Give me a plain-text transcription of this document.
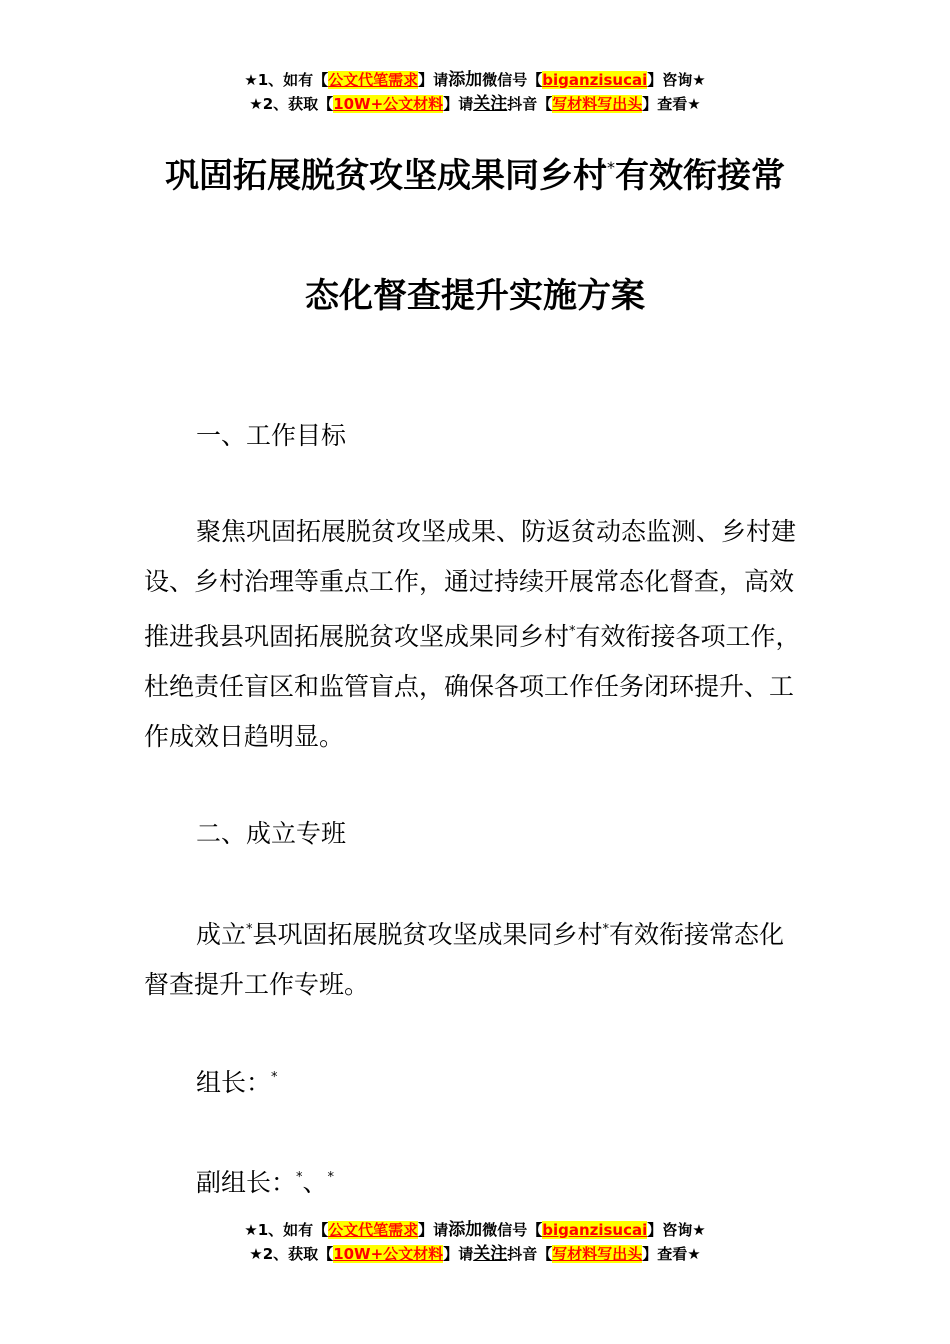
★1、如有【公文代笔需求】请添加微信号【biganzisucai】咨询★
★2、获取【10W+公文材料】请关注抖音【写材料写出头】查看★
巩固拓展脱贫攻坚成果同乡村*有效衔接常
态化督查提升实施方案
一、工作目标

聚焦巩固拓展脱贫攻坚成果、防返贫动态监测、乡村建设、乡村治理等重点工作，通过持续开展常态化督查，高效推进我县巩固拓展脱贫攻坚成果同乡村*有效衔接各项工作，杜绝责任盲区和监管盲点，确保各项工作任务闭环提升、工作成效日趋明显。

二、成立专班

成立*县巩固拓展脱贫攻坚成果同乡村*有效衔接常态化督查提升工作专班。

组长：*
副组长：*、*
★1、如有【公文代笔需求】请添加微信号【biganzisucai】咨询★
★2、获取【10W+公文材料】请关注抖音【写材料写出头】查看★
